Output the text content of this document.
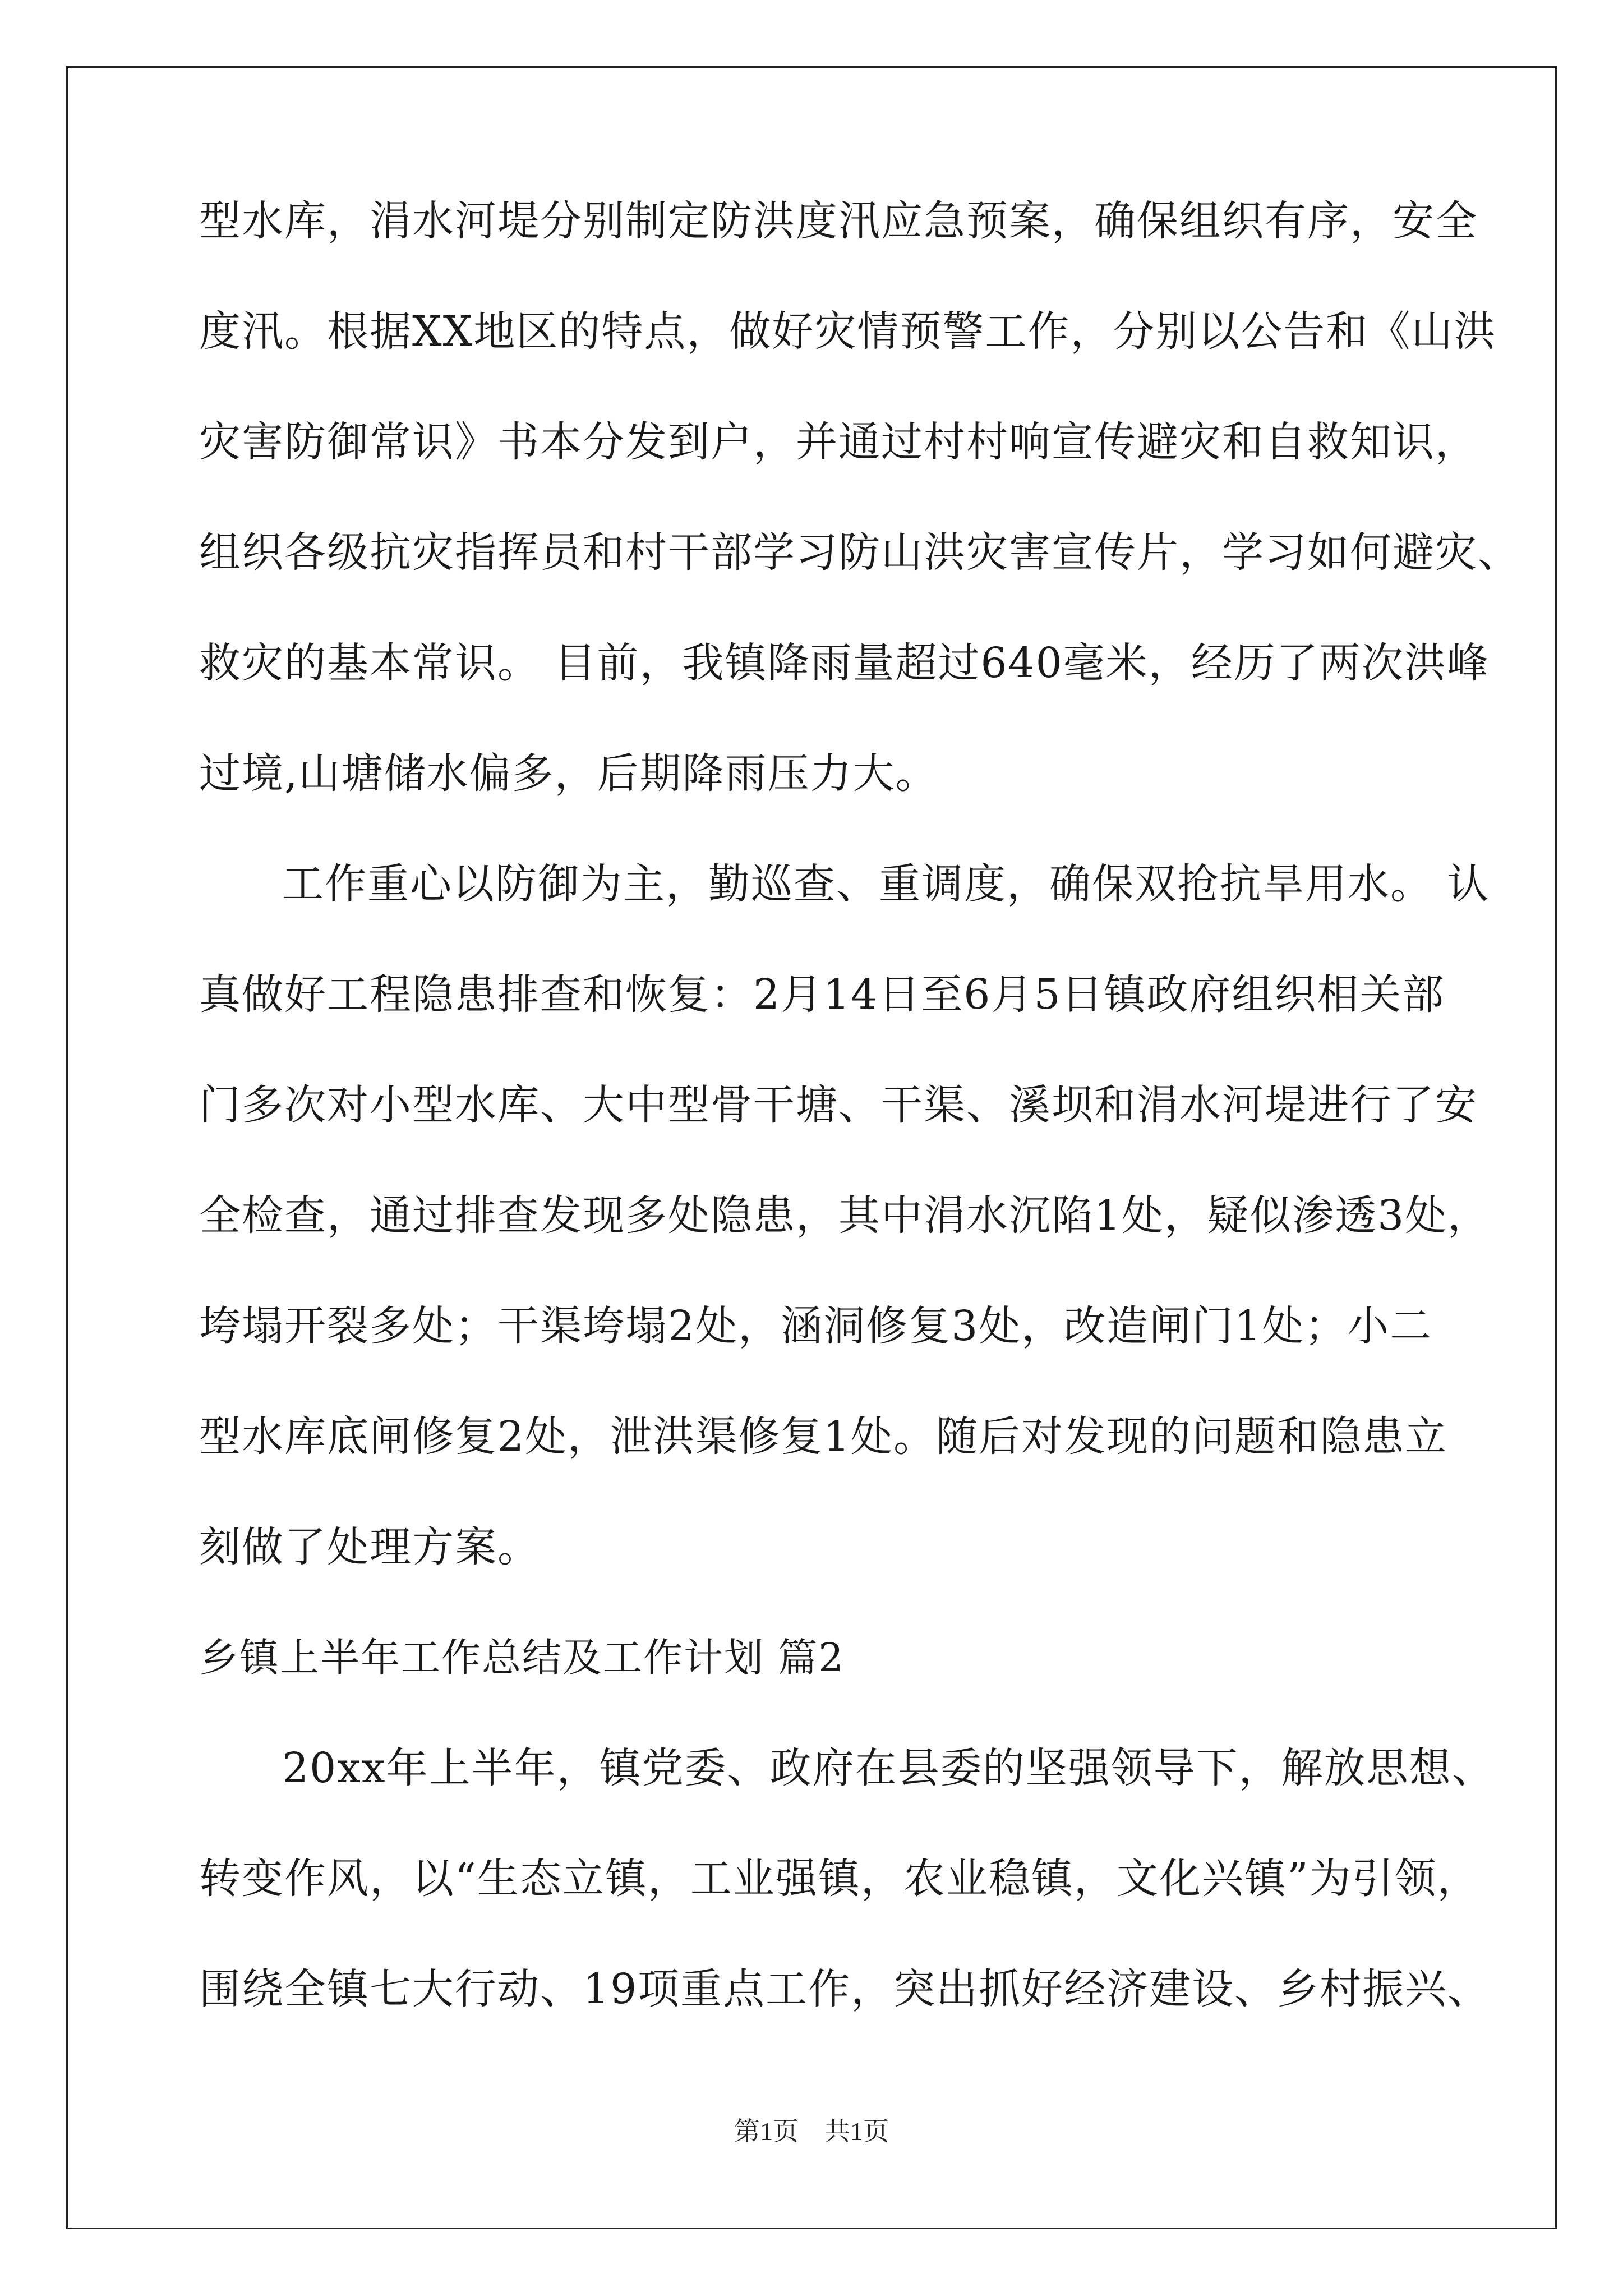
型水库，涓水河堤分别制定防洪度汛应急预案，确保组织有序，安全
度汛。根据XX地区的特点，做好灾情预警工作，分别以公告和《山洪
灾害防御常识》书本分发到户，并通过村村响宣传避灾和自救知识，
组织各级抗灾指挥员和村干部学习防山洪灾害宣传片，学习如何避灾、
救灾的基本常识。 目前，我镇降雨量超过640毫米，经历了两次洪峰
过境,山塘储水偏多，后期降雨压力大。
工作重心以防御为主，勤巡查、重调度，确保双抢抗旱用水。 认
真做好工程隐患排查和恢复：2月14日至6月5日镇政府组织相关部
门多次对小型水库、大中型骨干塘、干渠、溪坝和涓水河堤进行了安
全检查，通过排查发现多处隐患，其中涓水沉陷1处，疑似渗透3处，
垮塌开裂多处；干渠垮塌2处，涵洞修复3处，改造闸门1处；小二
型水库底闸修复2处，泄洪渠修复1处。随后对发现的问题和隐患立
刻做了处理方案。
乡镇上半年工作总结及工作计划 篇2
20xx年上半年，镇党委、政府在县委的坚强领导下，解放思想、
转变作风，以“生态立镇，工业强镇，农业稳镇，文化兴镇”为引领，
围绕全镇七大行动、19项重点工作，突出抓好经济建设、乡村振兴、
第1页　共1页
